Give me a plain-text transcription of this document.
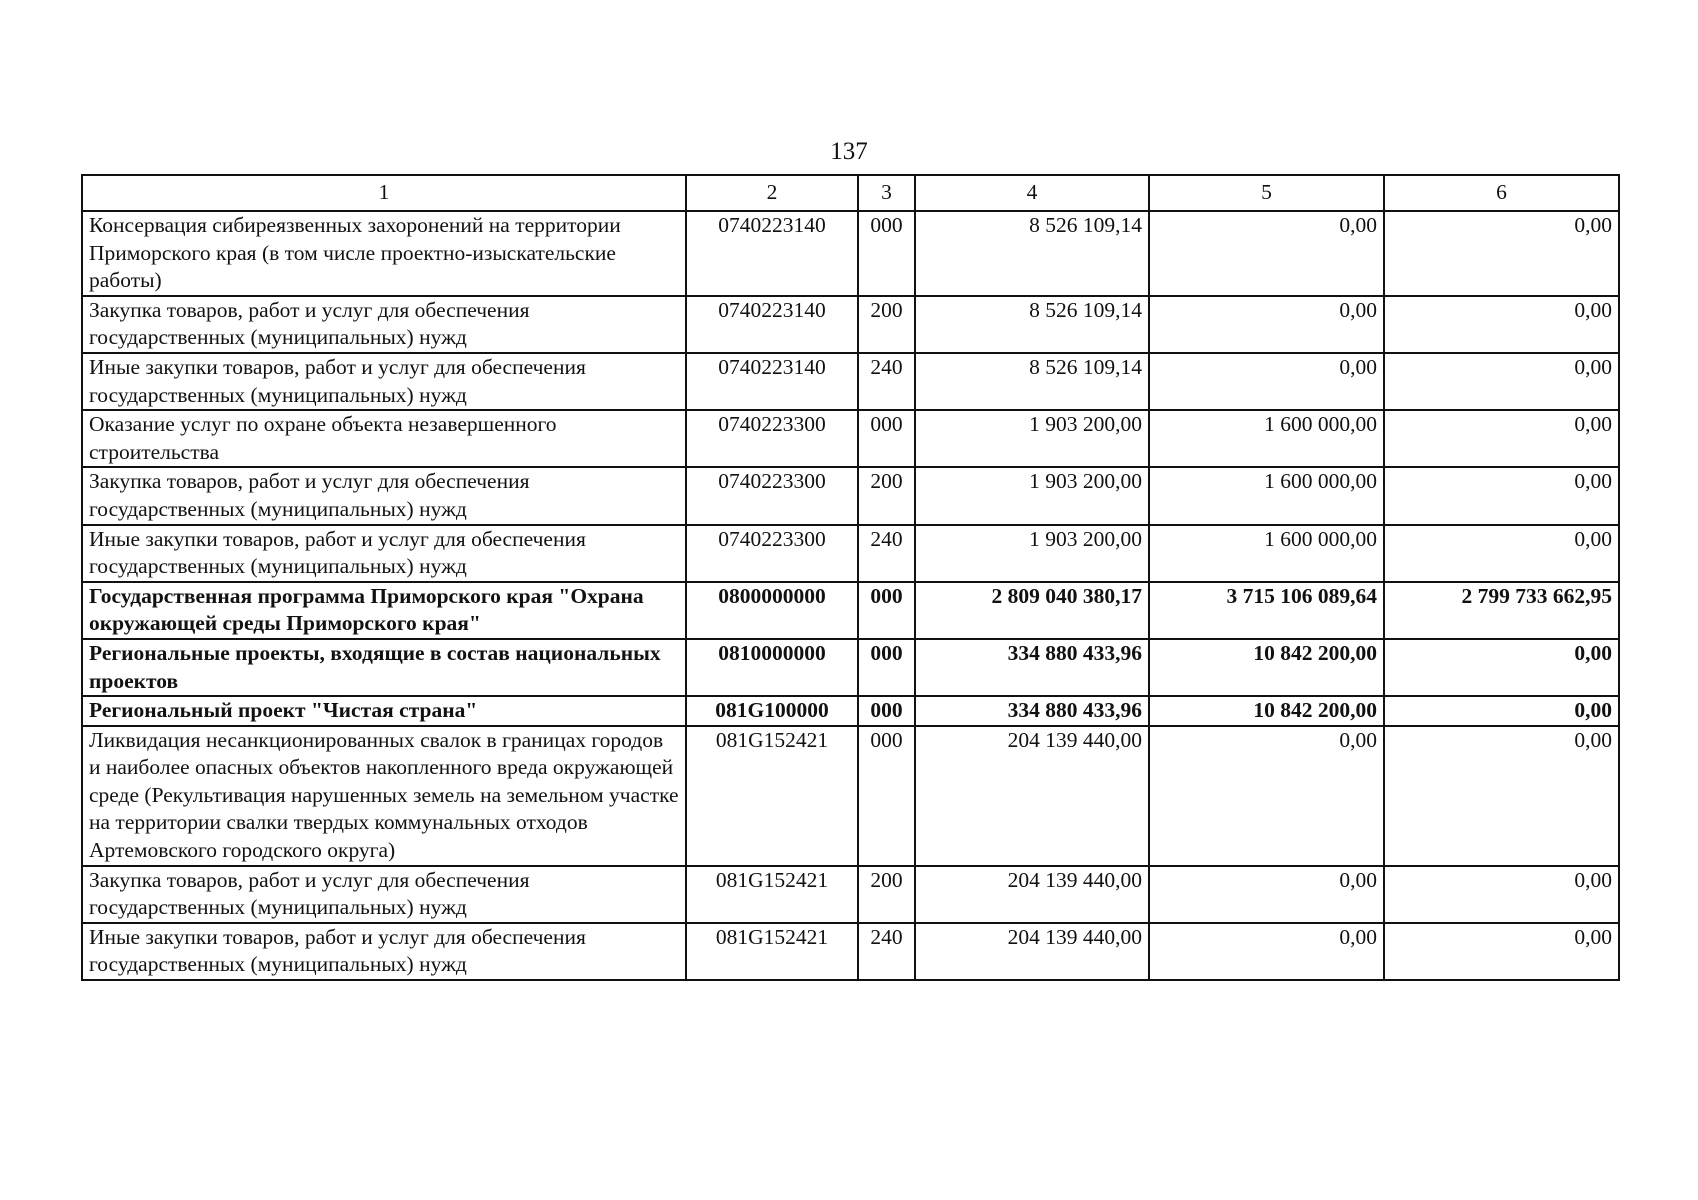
137
1	2	3	4	5	6
Консервация сибиреязвенных захоронений на территории Приморского края (в том числе проектно-изыскательские работы)	0740223140	000	8 526 109,14	0,00	0,00
Закупка товаров, работ и услуг для обеспечения государственных (муниципальных) нужд	0740223140	200	8 526 109,14	0,00	0,00
Иные закупки товаров, работ и услуг для обеспечения государственных (муниципальных) нужд	0740223140	240	8 526 109,14	0,00	0,00
Оказание услуг по охране объекта незавершенного строительства	0740223300	000	1 903 200,00	1 600 000,00	0,00
Закупка товаров, работ и услуг для обеспечения государственных (муниципальных) нужд	0740223300	200	1 903 200,00	1 600 000,00	0,00
Иные закупки товаров, работ и услуг для обеспечения государственных (муниципальных) нужд	0740223300	240	1 903 200,00	1 600 000,00	0,00
Государственная программа Приморского края "Охрана окружающей среды Приморского края"	0800000000	000	2 809 040 380,17	3 715 106 089,64	2 799 733 662,95
Региональные проекты, входящие в состав национальных проектов	0810000000	000	334 880 433,96	10 842 200,00	0,00
Региональный проект "Чистая страна"	081G100000	000	334 880 433,96	10 842 200,00	0,00
Ликвидация несанкционированных свалок в границах городов и наиболее опасных объектов накопленного вреда окружающей среде (Рекультивация нарушенных земель на земельном участке на территории свалки твердых коммунальных отходов Артемовского городского округа)	081G152421	000	204 139 440,00	0,00	0,00
Закупка товаров, работ и услуг для обеспечения государственных (муниципальных) нужд	081G152421	200	204 139 440,00	0,00	0,00
Иные закупки товаров, работ и услуг для обеспечения государственных (муниципальных) нужд	081G152421	240	204 139 440,00	0,00	0,00
